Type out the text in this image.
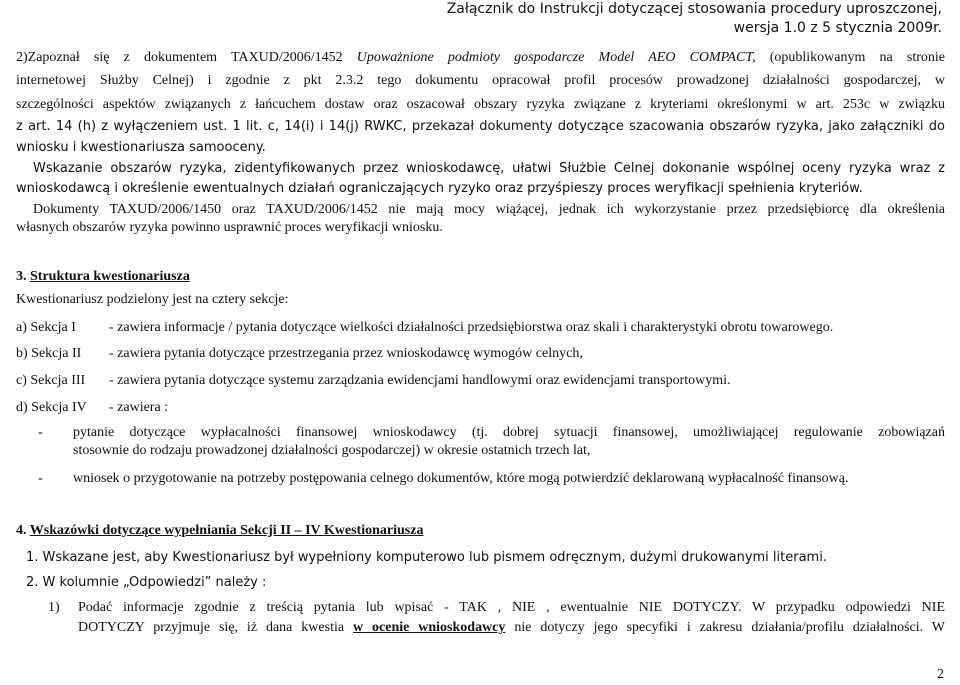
Załącznik do Instrukcji dotyczącej stosowania procedury uproszczonej,
wersja 1.0 z 5 stycznia 2009r.
2)Zapoznał się z dokumentem TAXUD/2006/1452 Upoważnione podmioty gospodarcze Model AEO COMPACT, (opublikowanym na stronie
internetowej Służby Celnej) i zgodnie z pkt 2.3.2 tego dokumentu opracował profil procesów prowadzonej działalności gospodarczej, w
szczególności aspektów związanych z łańcuchem dostaw oraz oszacował obszary ryzyka związane z kryteriami określonymi w art. 253c w związku
z art. 14 (h) z wyłączeniem ust. 1 lit. c, 14(i) i 14(j) RWKC, przekazał dokumenty dotyczące szacowania obszarów ryzyka, jako załączniki do
wniosku i kwestionariusza samooceny.
Wskazanie obszarów ryzyka, zidentyfikowanych przez wnioskodawcę, ułatwi Służbie Celnej dokonanie wspólnej oceny ryzyka wraz z
wnioskodawcą i określenie ewentualnych działań ograniczających ryzyko oraz przyśpieszy proces weryfikacji spełnienia kryteriów.
Dokumenty TAXUD/2006/1450 oraz TAXUD/2006/1452 nie mają mocy wiążącej, jednak ich wykorzystanie przez przedsiębiorcę dla określenia
własnych obszarów ryzyka powinno usprawnić proces weryfikacji wniosku.
3. Struktura kwestionariusza
Kwestionariusz podzielony jest na cztery sekcje:
a) Sekcja I - zawiera informacje / pytania dotyczące wielkości działalności przedsiębiorstwa oraz skali i charakterystyki obrotu towarowego.
b) Sekcja II - zawiera pytania dotyczące przestrzegania przez wnioskodawcę wymogów celnych,
c) Sekcja III - zawiera pytania dotyczące systemu zarządzania ewidencjami handlowymi oraz ewidencjami transportowymi.
d) Sekcja IV - zawiera :
- pytanie dotyczące wypłacalności finansowej wnioskodawcy (tj. dobrej sytuacji finansowej, umożliwiającej regulowanie zobowiązań
stosownie do rodzaju prowadzonej działalności gospodarczej) w okresie ostatnich trzech lat,
- wniosek o przygotowanie na potrzeby postępowania celnego dokumentów, które mogą potwierdzić deklarowaną wypłacalność finansową.
4. Wskazówki dotyczące wypełniania Sekcji II – IV Kwestionariusza
1. Wskazane jest, aby Kwestionariusz był wypełniony komputerowo lub pismem odręcznym, dużymi drukowanymi literami.
2. W kolumnie „Odpowiedzi” należy :
1) Podać informacje zgodnie z treścią pytania lub wpisać - TAK , NIE , ewentualnie NIE DOTYCZY. W przypadku odpowiedzi NIE
DOTYCZY przyjmuje się, iż dana kwestia w ocenie wnioskodawcy nie dotyczy jego specyfiki i zakresu działania/profilu działalności. W
2
